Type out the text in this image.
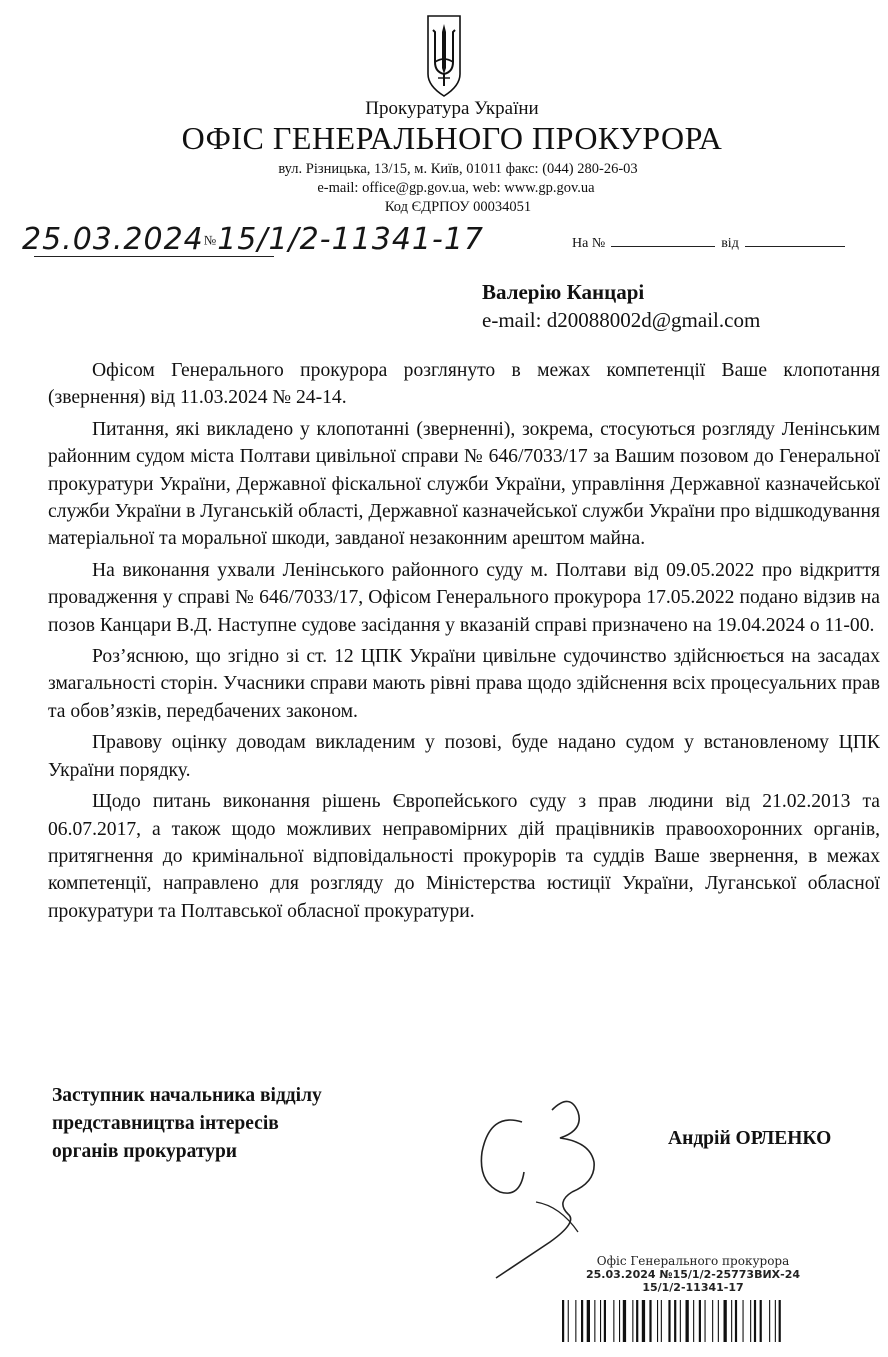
Прокуратура України
ОФІС ГЕНЕРАЛЬНОГО ПРОКУРОРА
вул. Різницька, 13/15, м. Київ, 01011 факс: (044) 280-26-03
e-mail: office@gp.gov.ua, web: www.gp.gov.ua
Код ЄДРПОУ 00034051
25.03.2024№15/1/2-11341-17	На №	від
Валерію Канцарі
e-mail: d20088002d@gmail.com

Офісом Генерального прокурора розглянуто в межах компетенції Ваше клопотання (звернення) від 11.03.2024 № 24-14.

Питання, які викладено у клопотанні (зверненні), зокрема, стосуються розгляду Ленінським районним судом міста Полтави цивільної справи № 646/7033/17 за Вашим позовом до Генеральної прокуратури України, Державної фіскальної служби України, управління Державної казначейської служби України в Луганській області, Державної казначейської служби України про відшкодування матеріальної та моральної шкоди, завданої незаконним арештом майна.

На виконання ухвали Ленінського районного суду м. Полтави від 09.05.2022 про відкриття провадження у справі № 646/7033/17, Офісом Генерального прокурора 17.05.2022 подано відзив на позов Канцари В.Д. Наступне судове засідання у вказаній справі призначено на 19.04.2024 о 11-00.

Роз’яснюю, що згідно зі ст. 12 ЦПК України цивільне судочинство здійснюється на засадах змагальності сторін. Учасники справи мають рівні права щодо здійснення всіх процесуальних прав та обов’язків, передбачених законом.

Правову оцінку доводам викладеним у позові, буде надано судом у встановленому ЦПК України порядку.

Щодо питань виконання рішень Європейського суду з прав людини від 21.02.2013 та 06.07.2017, а також щодо можливих неправомірних дій працівників правоохоронних органів, притягнення до кримінальної відповідальності прокурорів та суддів Ваше звернення, в межах компетенції, направлено для розгляду до Міністерства юстиції України, Луганської обласної прокуратури та Полтавської обласної прокуратури.

Заступник начальника відділу
представництва інтересів
органів прокуратури
Андрій ОРЛЕНКО
Офіс Генерального прокурора
25.03.2024 №15/1/2-25773ВИХ-24
15/1/2-11341-17
